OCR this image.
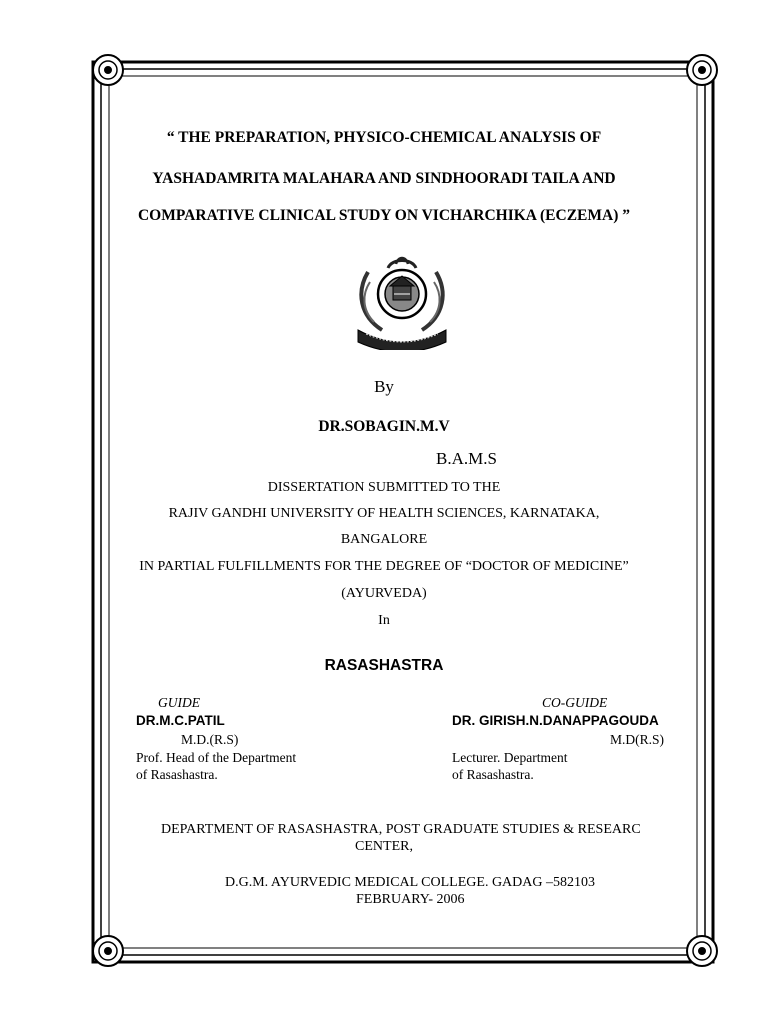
“ THE PREPARATION, PHYSICO-CHEMICAL ANALYSIS OF
YASHADAMRITA MALAHARA AND SINDHOORADI TAILA AND
COMPARATIVE CLINICAL STUDY ON VICHARCHIKA (ECZEMA) ”
By
DR.SOBAGIN.M.V
B.A.M.S
DISSERTATION SUBMITTED TO THE
RAJIV GANDHI UNIVERSITY OF HEALTH SCIENCES, KARNATAKA,
BANGALORE
IN PARTIAL FULFILLMENTS FOR THE DEGREE OF “DOCTOR OF MEDICINE”
(AYURVEDA)
In
RASASHASTRA
GUIDE
DR.M.C.PATIL
M.D.(R.S)
Prof. Head of the Department
of Rasashastra.
CO-GUIDE
DR. GIRISH.N.DANAPPAGOUDA
M.D(R.S)
Lecturer. Department
of Rasashastra.
DEPARTMENT OF RASASHASTRA, POST GRADUATE STUDIES & RESEARC
CENTER,
D.G.M. AYURVEDIC MEDICAL COLLEGE. GADAG –582103
FEBRUARY- 2006
